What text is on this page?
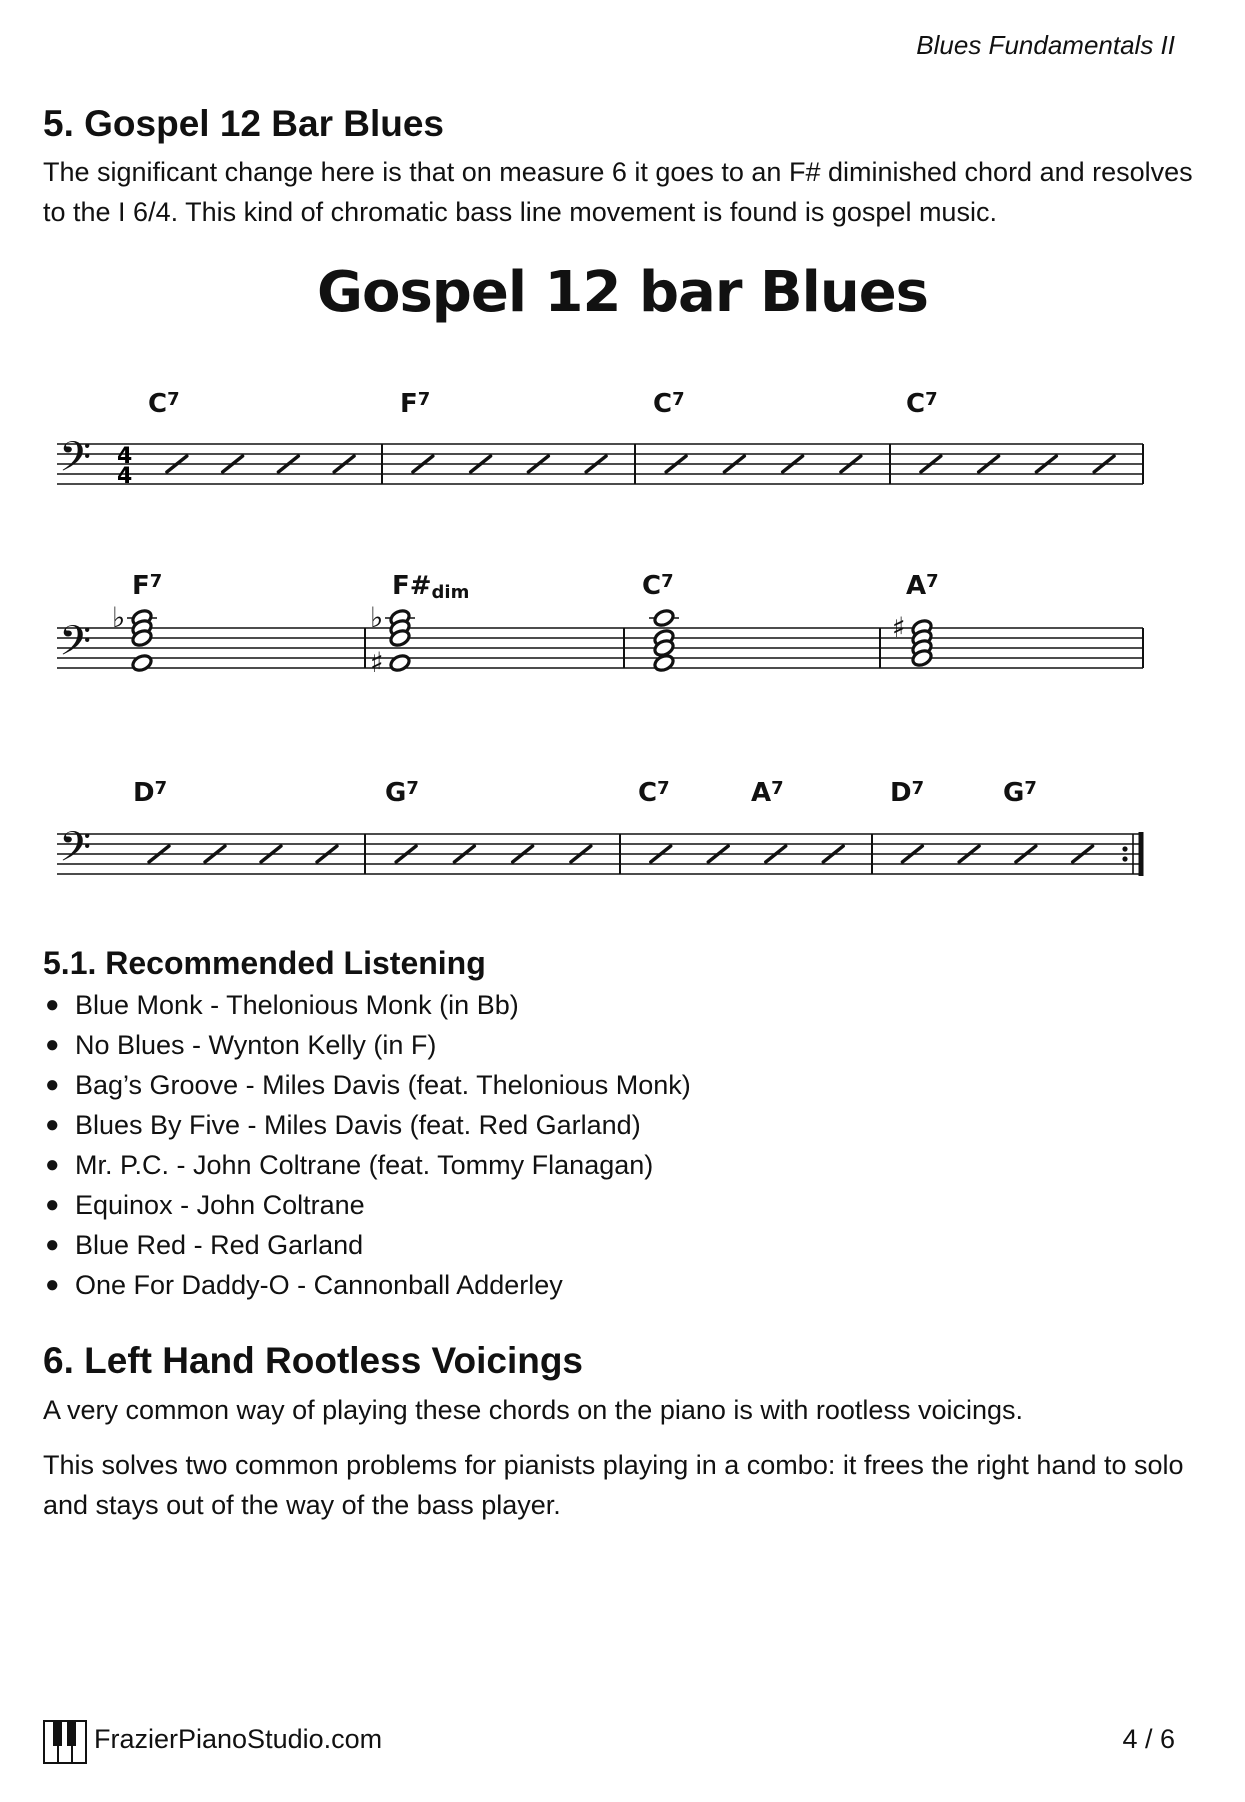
Blues Fundamentals II
5. Gospel 12 Bar Blues

The significant change here is that on measure 6 it goes to an F# diminished chord and resolves to the I 6/4. This kind of chromatic bass line movement is found is gospel music.

Gospel 12 bar Blues
𝄢 4
4
𝄢
𝄢
$C^7$	$F^7$	$C^7$	$C^7$
$F^7$	F#dim	$C^7$	$A^7$
$D^7$	$G^7$	$C^7$	$A^7$	$D^7$	$G^7$
♭	♭
♯
♯
5.1. Recommended Listening
● Blue Monk - Thelonious Monk (in Bb)
● No Blues - Wynton Kelly (in F)
● Bag’s Groove - Miles Davis (feat. Thelonious Monk)
● Blues By Five - Miles Davis (feat. Red Garland)
● Mr. P.C. - John Coltrane (feat. Tommy Flanagan)
● Equinox - John Coltrane
● Blue Red - Red Garland
● One For Daddy-O - Cannonball Adderley
6. Left Hand Rootless Voicings

A very common way of playing these chords on the piano is with rootless voicings.

This solves two common problems for pianists playing in a combo: it frees the right hand to solo and stays out of the way of the bass player.

FrazierPianoStudio.com	4 / 6
